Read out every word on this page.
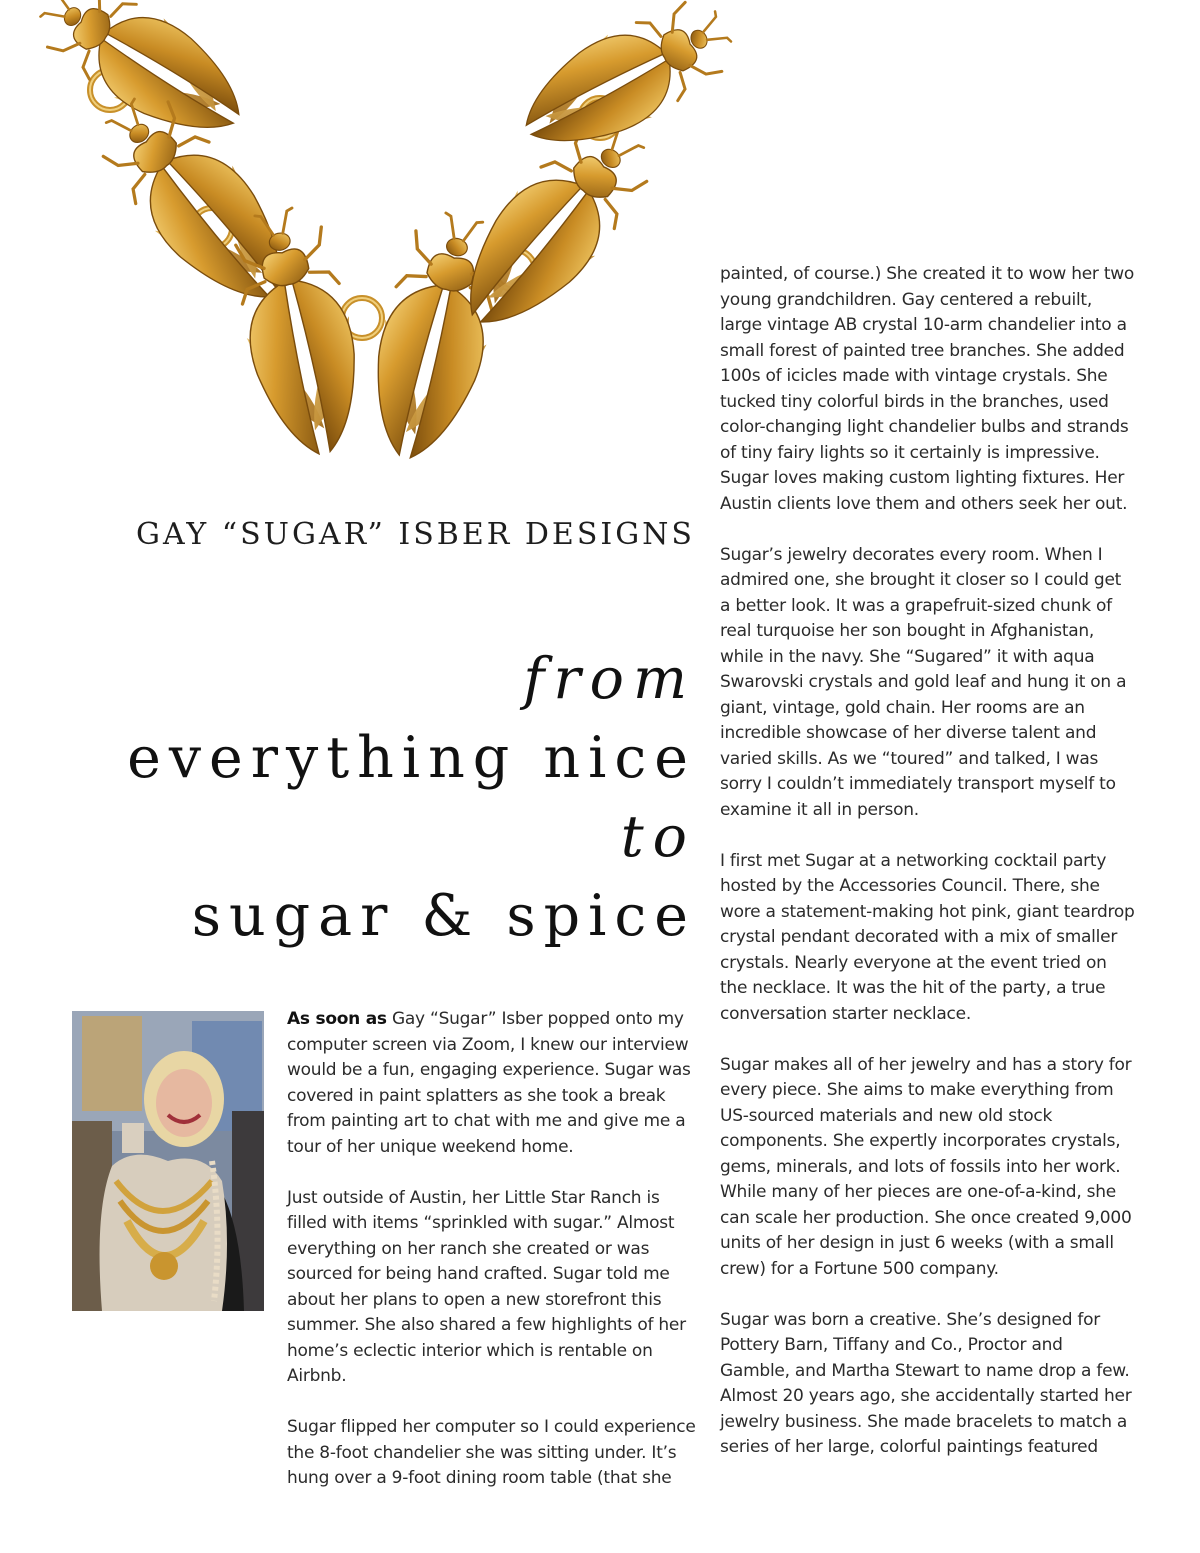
GAY “SUGAR” ISBER DESIGNS
from
everything nice
to
sugar & spice

As soon as Gay “Sugar” Isber popped onto my computer screen via Zoom, I knew our interview would be a fun, engaging experience. Sugar was covered in paint splatters as she took a break from painting art to chat with me and give me a tour of her unique weekend home.

Just outside of Austin, her Little Star Ranch is filled with items “sprinkled with sugar.” Almost everything on her ranch she created or was sourced for being hand crafted. Sugar told me about her plans to open a new storefront this summer. She also shared a few highlights of her home’s eclectic interior which is rentable on Airbnb.

Sugar flipped her computer so I could experience the 8-foot chandelier she was sitting under. It’s hung over a 9-foot dining room table (that she

painted, of course.) She created it to wow her two young grandchildren. Gay centered a rebuilt, large vintage AB crystal 10-arm chandelier into a small forest of painted tree branches. She added 100s of icicles made with vintage crystals. She tucked tiny colorful birds in the branches, used color-changing light chandelier bulbs and strands of tiny fairy lights so it certainly is impressive. Sugar loves making custom lighting fixtures. Her Austin clients love them and others seek her out.

Sugar’s jewelry decorates every room. When I admired one, she brought it closer so I could get a better look. It was a grapefruit-sized chunk of real turquoise her son bought in Afghanistan, while in the navy. She “Sugared” it with aqua Swarovski crystals and gold leaf and hung it on a giant, vintage, gold chain. Her rooms are an incredible showcase of her diverse talent and varied skills. As we “toured” and talked, I was sorry I couldn’t immediately transport myself to examine it all in person.

I first met Sugar at a networking cocktail party hosted by the Accessories Council. There, she wore a statement-making hot pink, giant teardrop crystal pendant decorated with a mix of smaller crystals. Nearly everyone at the event tried on the necklace. It was the hit of the party, a true conversation starter necklace.

Sugar makes all of her jewelry and has a story for every piece. She aims to make everything from US-sourced materials and new old stock components. She expertly incorporates crystals, gems, minerals, and lots of fossils into her work. While many of her pieces are one-of-a-kind, she can scale her production. She once created 9,000 units of her design in just 6 weeks (with a small crew) for a Fortune 500 company.

Sugar was born a creative. She’s designed for Pottery Barn, Tiffany and Co., Proctor and Gamble, and Martha Stewart to name drop a few. Almost 20 years ago, she accidentally started her jewelry business. She made bracelets to match a series of her large, colorful paintings featured
